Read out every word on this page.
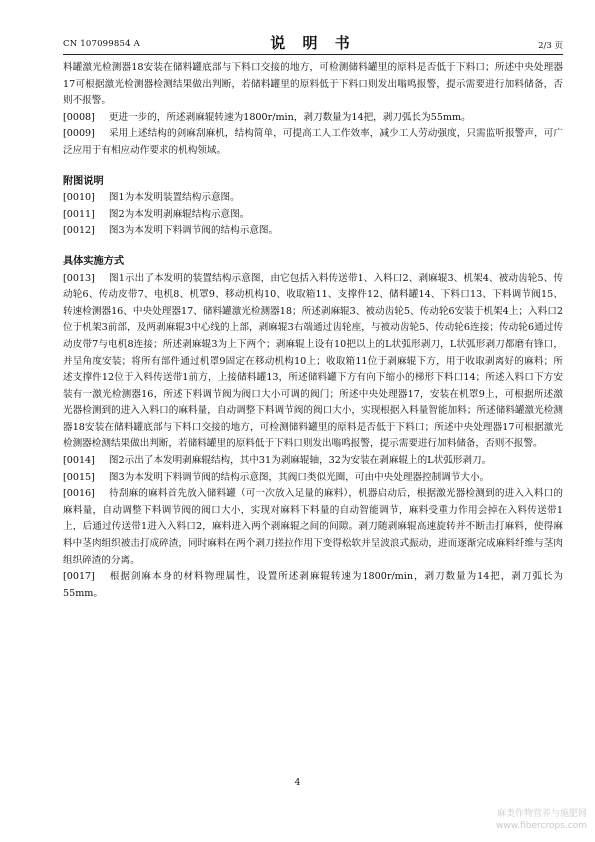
CN 107099854 A	说 明 书	2/3 页

料罐激光检测器18安装在储料罐底部与下料口交接的地方，可检测储料罐里的原料是否低于下料口；所述中央处理器17可根据激光检测器检测结果做出判断，若储料罐里的原料低于下料口则发出嗡鸣报警，提示需要进行加料储备，否则不报警。

[0008] 更进一步的，所述剥麻辊转速为1800r/min，剥刀数量为14把，剥刀弧长为55mm。

[0009] 采用上述结构的剑麻刮麻机，结构简单，可提高工人工作效率，减少工人劳动强度，只需监听报警声，可广泛应用于有相应动作要求的机构领域。

附图说明

[0010] 图1为本发明装置结构示意图。

[0011] 图2为本发明剥麻辊结构示意图。

[0012] 图3为本发明下料调节阀的结构示意图。

具体实施方式

[0013] 图1示出了本发明的装置结构示意图，由它包括入料传送带1、入料口2、剥麻辊3、机架4、被动齿轮5、传动轮6、传动皮带7、电机8、机罩9、移动机构10、收取箱11、支撑件12、储料罐14、下料口13、下料调节阀15、转速检测器16、中央处理器17、储料罐激光检测器18；所述剥麻辊3、被动齿轮5、传动轮6安装于机架4上；入料口2位于机架3前部，及两剥麻辊3中心线的上部，剥麻辊3右端通过齿轮座，与被动齿轮5、传动轮6连接；传动轮6通过传动皮带7与电机8连接；所述剥麻辊3为上下两个；剥麻辊上设有10把以上的L状弧形剥刀，L状弧形剥刀都磨有锋口，并呈角度安装；将所有部件通过机罩9固定在移动机构10上；收取箱11位于剥麻辊下方，用于收取剥离好的麻料；所述支撑件12位于入料传送带1前方，上接储料罐13，所述储料罐下方有向下缩小的梯形下料口14；所述入料口下方安装有一激光检测器16，所述下料调节阀为阀口大小可调的阀门；所述中央处理器17，安装在机罩9上，可根据所述激光器检测到的进入入料口的麻料量，自动调整下料调节阀的阀口大小，实现根据入料量智能加料；所述储料罐激光检测器18安装在储料罐底部与下料口交接的地方，可检测储料罐里的原料是否低于下料口；所述中央处理器17可根据激光检测器检测结果做出判断，若储料罐里的原料低于下料口则发出嗡鸣报警，提示需要进行加料储备，否则不报警。

[0014] 图2示出了本发明剥麻辊结构，其中31为剥麻辊轴，32为安装在剥麻辊上的L状弧形剥刀。

[0015] 图3为本发明下料调节阀的结构示意图，其阀口类似光圈，可由中央处理器控制调节大小。

[0016] 待刮麻的麻料首先放入储料罐（可一次放入足量的麻料），机器启动后，根据激光器检测到的进入入料口的麻料量，自动调整下料调节阀的阀口大小，实现对麻料下料量的自动智能调节，麻料受重力作用会掉在入料传送带1上，后通过传送带1进入入料口2，麻料进入两个剥麻辊之间的间隙。剥刀随剥麻辊高速旋转并不断击打麻料，使得麻料中茎肉组织被击打成碎渣，同时麻料在两个剥刀搓拉作用下变得松软并呈波浪式振动，进而逐渐完成麻料纤维与茎肉组织碎渣的分离。

[0017] 根据剑麻本身的材料物理属性，设置所述剥麻辊转速为1800r/min，剥刀数量为14把，剥刀弧长为55mm。

4
麻类作物营养与施肥网
www.fibercrops.com
